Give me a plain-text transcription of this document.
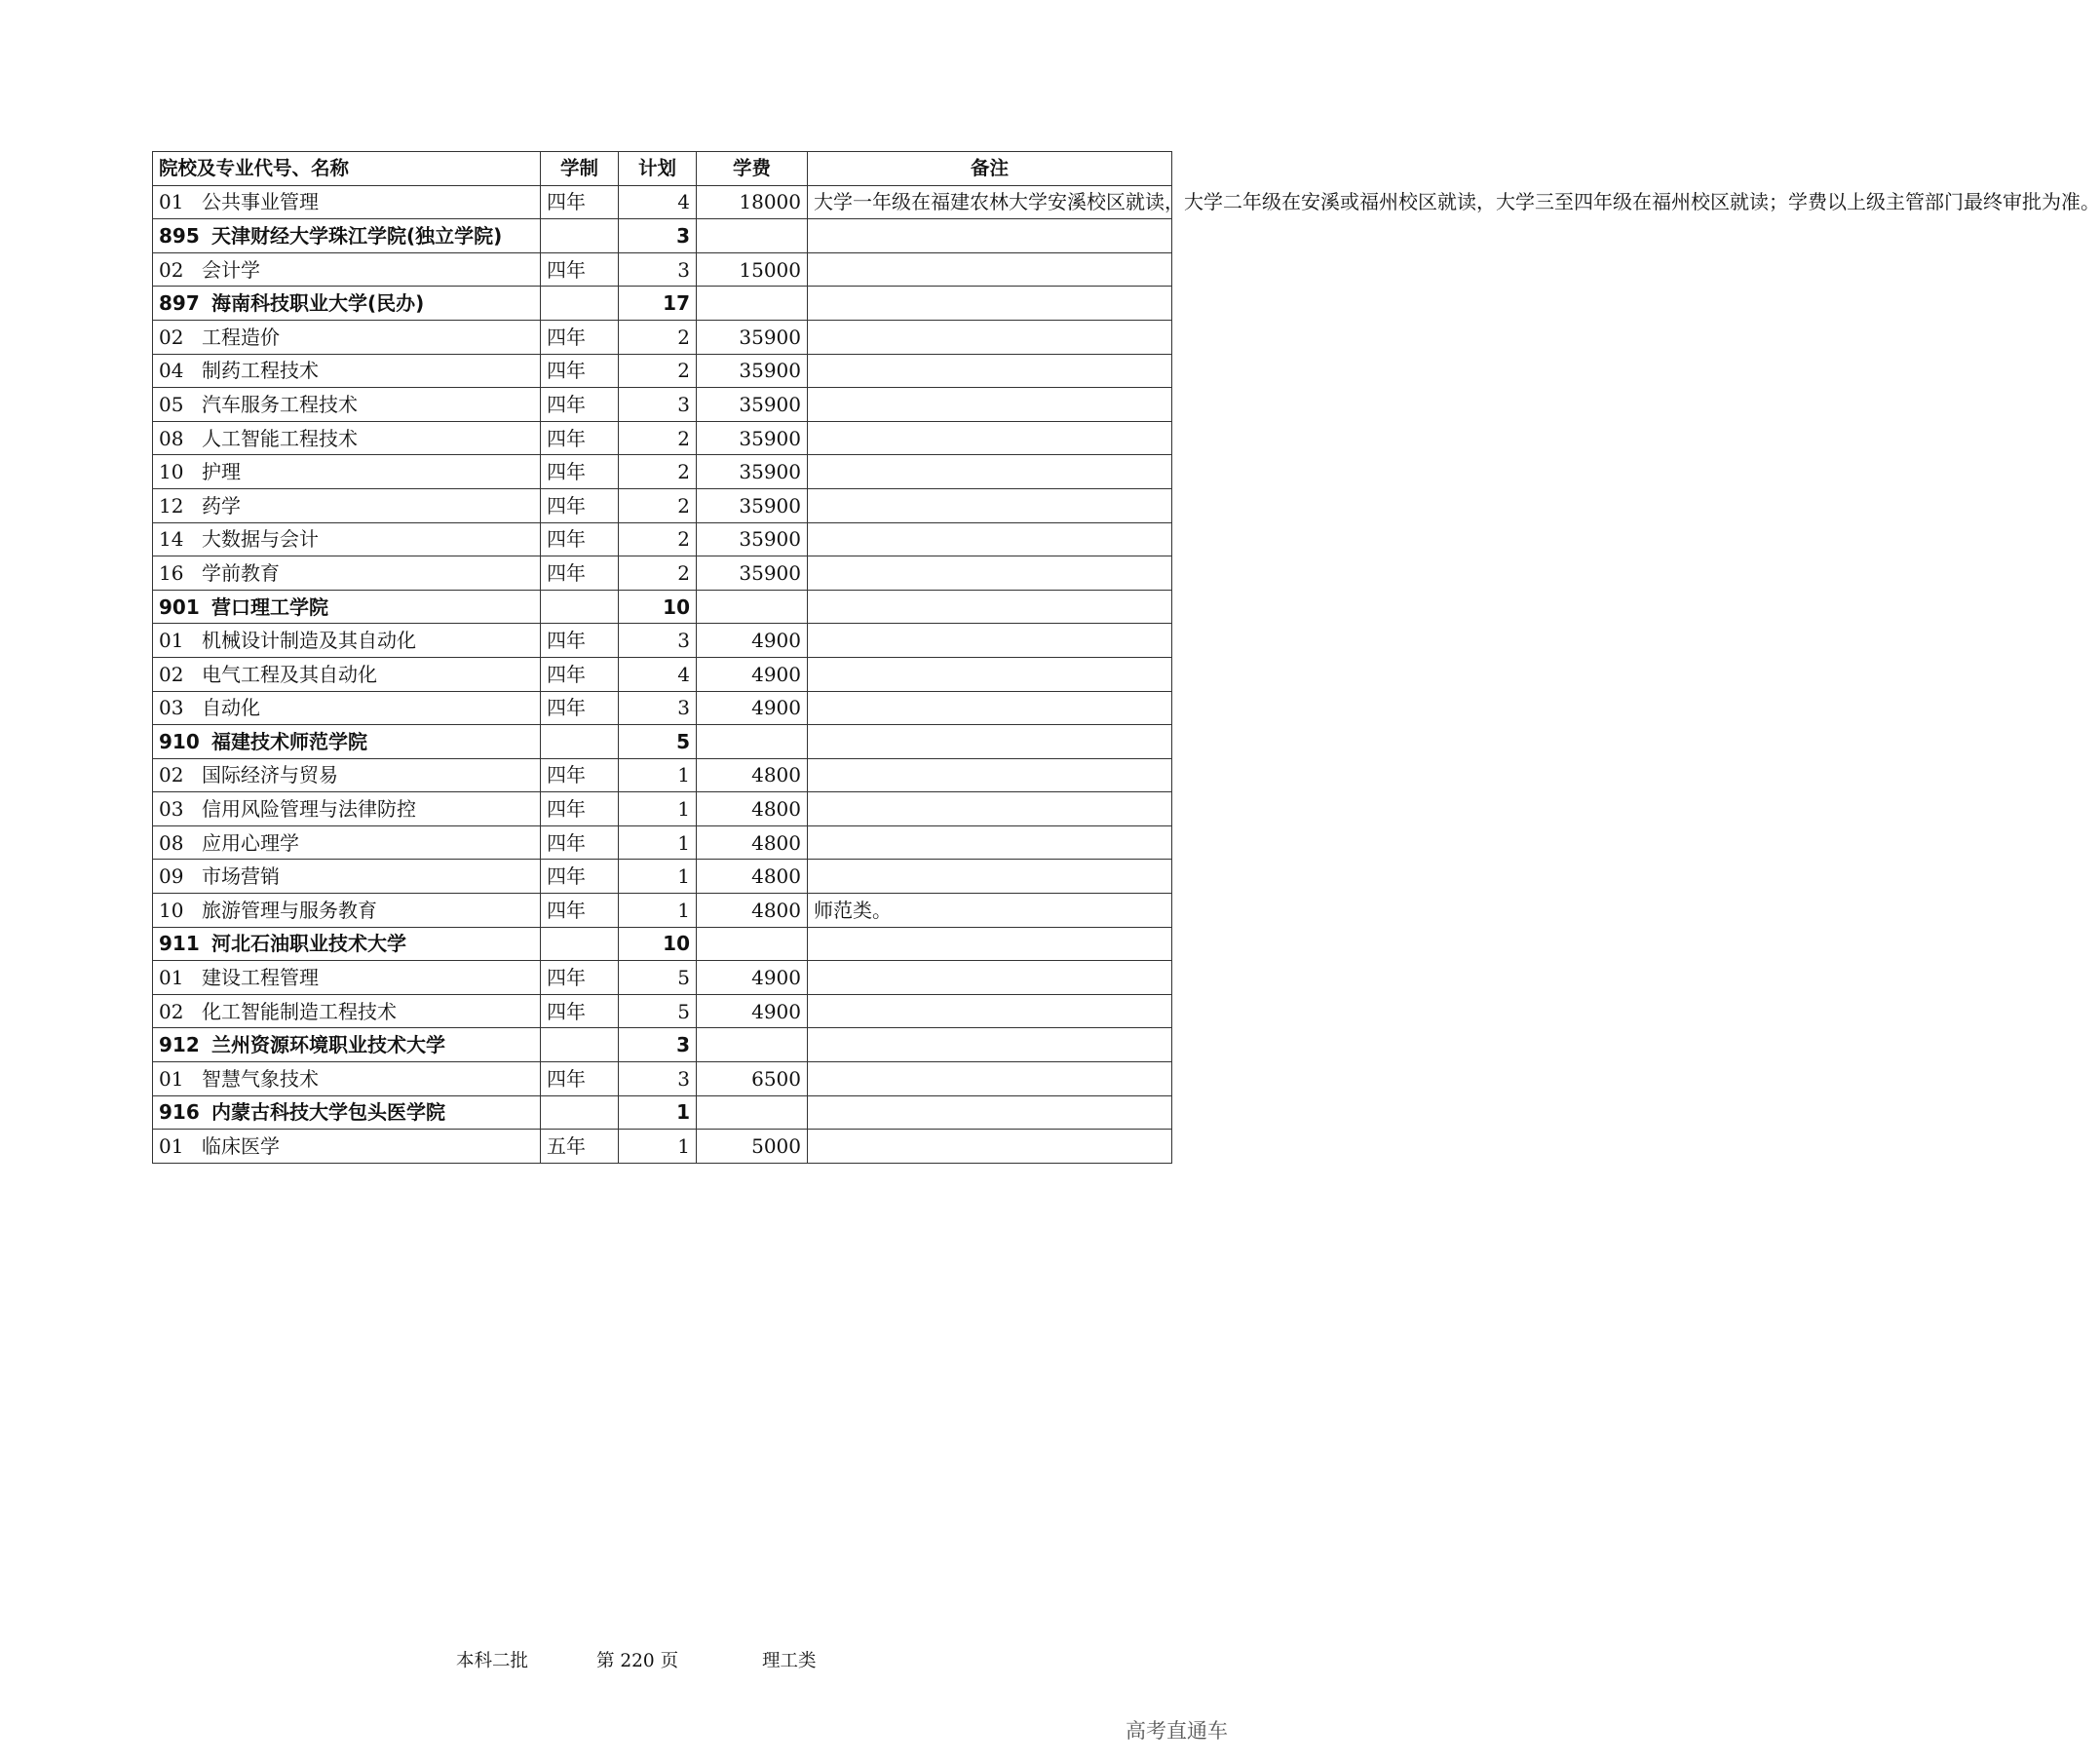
院校及专业代号、名称	学制	计划	学费	备注
01 公共事业管理	四年	4	18000	大学一年级在福建农林大学安溪校区就读，大学二年级在安溪或福州校区就读，大学三至四年级在福州校区就读；学费以上级主管部门最终审批为准。
895 天津财经大学珠江学院(独立学院)		3		
02 会计学	四年	3	15000	
897 海南科技职业大学(民办)		17		
02 工程造价	四年	2	35900	
04 制药工程技术	四年	2	35900	
05 汽车服务工程技术	四年	3	35900	
08 人工智能工程技术	四年	2	35900	
10 护理	四年	2	35900	
12 药学	四年	2	35900	
14 大数据与会计	四年	2	35900	
16 学前教育	四年	2	35900	
901 营口理工学院		10		
01 机械设计制造及其自动化	四年	3	4900	
02 电气工程及其自动化	四年	4	4900	
03 自动化	四年	3	4900	
910 福建技术师范学院		5		
02 国际经济与贸易	四年	1	4800	
03 信用风险管理与法律防控	四年	1	4800	
08 应用心理学	四年	1	4800	
09 市场营销	四年	1	4800	
10 旅游管理与服务教育	四年	1	4800	师范类。
911 河北石油职业技术大学		10		
01 建设工程管理	四年	5	4900	
02 化工智能制造工程技术	四年	5	4900	
912 兰州资源环境职业技术大学		3		
01 智慧气象技术	四年	3	6500	
916 内蒙古科技大学包头医学院		1		
01 临床医学	五年	1	5000	
本科二批	第 220 页	理工类
高考直通车
